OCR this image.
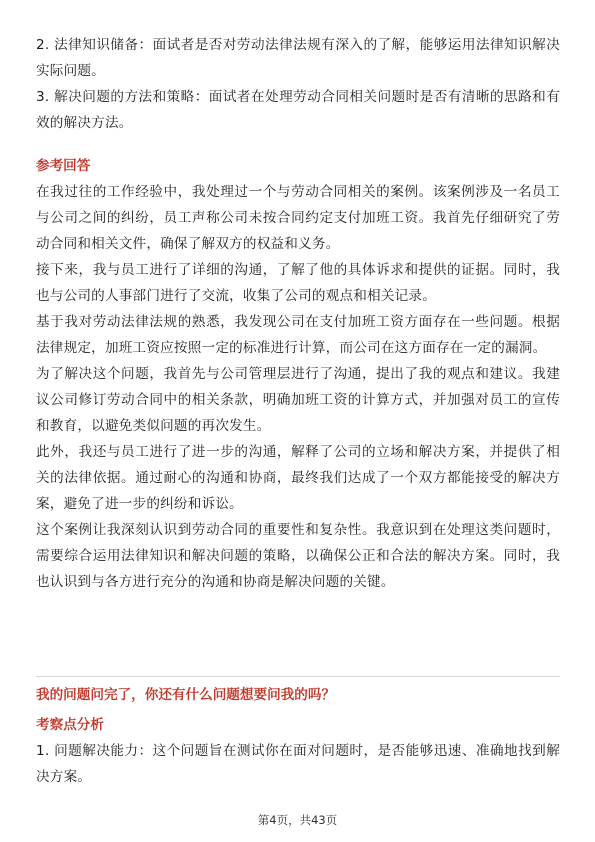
2. 法律知识储备：面试者是否对劳动法律法规有深入的了解，能够运用法律知识解决实际问题。

3. 解决问题的方法和策略：面试者在处理劳动合同相关问题时是否有清晰的思路和有效的解决方法。

参考回答

在我过往的工作经验中，我处理过一个与劳动合同相关的案例。该案例涉及一名员工与公司之间的纠纷，员工声称公司未按合同约定支付加班工资。我首先仔细研究了劳动合同和相关文件，确保了解双方的权益和义务。

接下来，我与员工进行了详细的沟通，了解了他的具体诉求和提供的证据。同时，我也与公司的人事部门进行了交流，收集了公司的观点和相关记录。

基于我对劳动法律法规的熟悉，我发现公司在支付加班工资方面存在一些问题。根据法律规定，加班工资应按照一定的标准进行计算，而公司在这方面存在一定的漏洞。

为了解决这个问题，我首先与公司管理层进行了沟通，提出了我的观点和建议。我建议公司修订劳动合同中的相关条款，明确加班工资的计算方式，并加强对员工的宣传和教育，以避免类似问题的再次发生。

此外，我还与员工进行了进一步的沟通，解释了公司的立场和解决方案，并提供了相关的法律依据。通过耐心的沟通和协商，最终我们达成了一个双方都能接受的解决方案，避免了进一步的纠纷和诉讼。

这个案例让我深刻认识到劳动合同的重要性和复杂性。我意识到在处理这类问题时，需要综合运用法律知识和解决问题的策略，以确保公正和合法的解决方案。同时，我也认识到与各方进行充分的沟通和协商是解决问题的关键。

我的问题问完了，你还有什么问题想要问我的吗？

考察点分析

1. 问题解决能力：这个问题旨在测试你在面对问题时，是否能够迅速、准确地找到解决方案。

第4页，共43页
